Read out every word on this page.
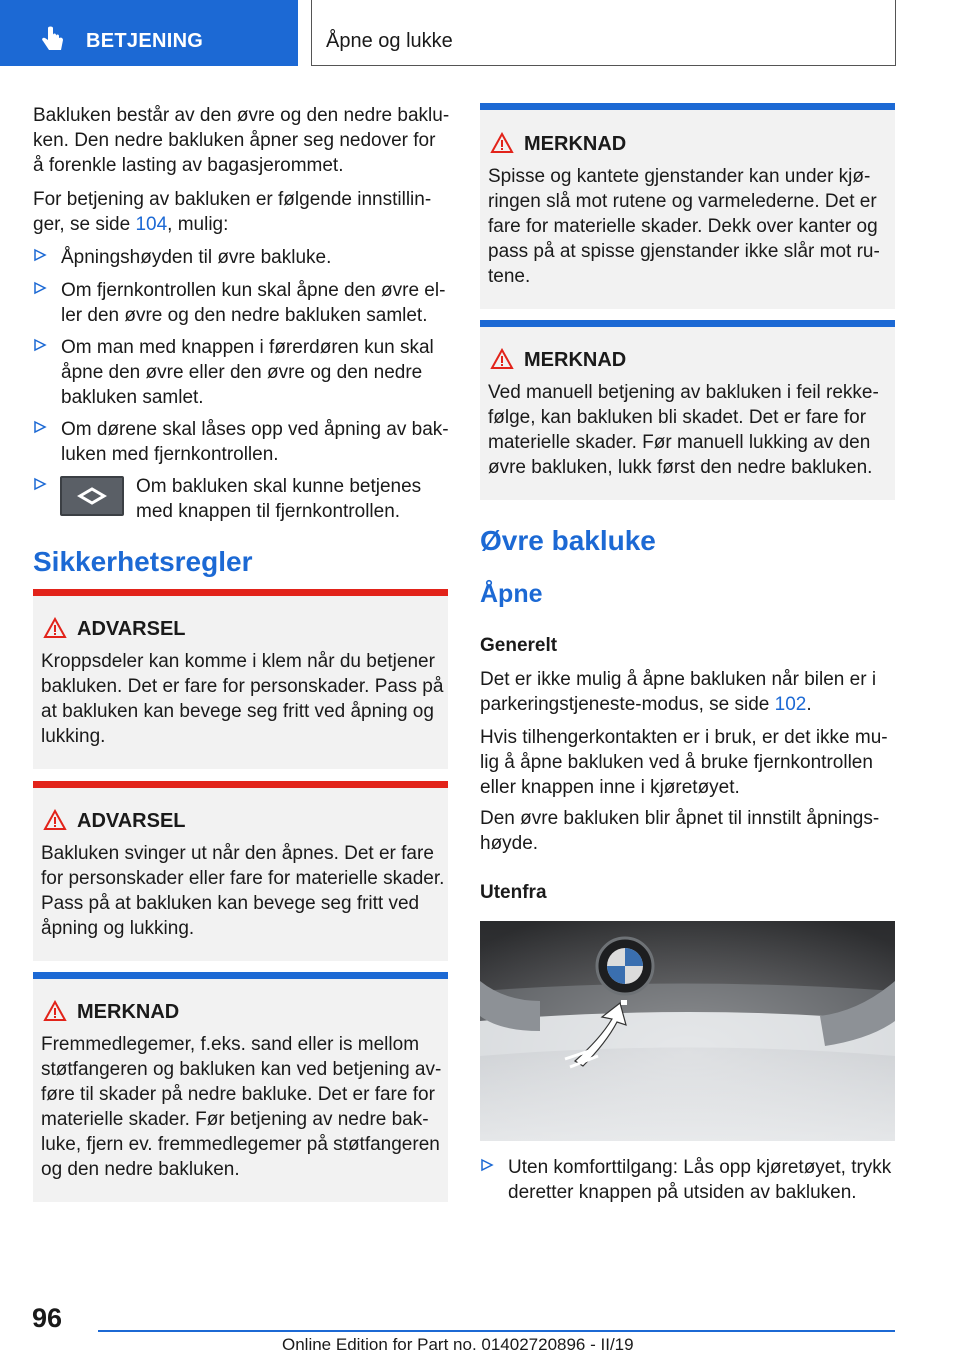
BETJENING	Åpne og lukke
Bakluken består av den øvre og den nedre baklu-
ken. Den nedre bakluken åpner seg nedover for
å forenkle lasting av bagasjerommet.
For betjening av bakluken er følgende innstillin-
ger, se side 104, mulig:
Åpningshøyden til øvre bakluke.
Om fjernkontrollen kun skal åpne den øvre el-
ler den øvre og den nedre bakluken samlet.
Om man med knappen i førerdøren kun skal
åpne den øvre eller den øvre og den nedre
bakluken samlet.
Om dørene skal låses opp ved åpning av bak-
luken med fjernkontrollen.
Om bakluken skal kunne betjenes
med knappen til fjernkontrollen.
Sikkerhetsregler
ADVARSEL
Kroppsdeler kan komme i klem når du betjener
bakluken. Det er fare for personskader. Pass på
at bakluken kan bevege seg fritt ved åpning og
lukking.
ADVARSEL
Bakluken svinger ut når den åpnes. Det er fare
for personskader eller fare for materielle skader.
Pass på at bakluken kan bevege seg fritt ved
åpning og lukking.
MERKNAD
Fremmedlegemer, f.eks. sand eller is mellom
støtfangeren og bakluken kan ved betjening av-
føre til skader på nedre bakluke. Det er fare for
materielle skader. Før betjening av nedre bak-
luke, fjern ev. fremmedlegemer på støtfangeren
og den nedre bakluken.
MERKNAD
Spisse og kantete gjenstander kan under kjø-
ringen slå mot rutene og varmelederne. Det er
fare for materielle skader. Dekk over kanter og
pass på at spisse gjenstander ikke slår mot ru-
tene.
MERKNAD
Ved manuell betjening av bakluken i feil rekke-
følge, kan bakluken bli skadet. Det er fare for
materielle skader. Før manuell lukking av den
øvre bakluken, lukk først den nedre bakluken.
Øvre bakluke
Åpne
Generelt
Det er ikke mulig å åpne bakluken når bilen er i
parkeringstjeneste-modus, se side 102.
Hvis tilhengerkontakten er i bruk, er det ikke mu-
lig å åpne bakluken ved å bruke fjernkontrollen
eller knappen inne i kjøretøyet.
Den øvre bakluken blir åpnet til innstilt åpnings-
høyde.
Utenfra
Uten komforttilgang: Lås opp kjøretøyet, trykk
deretter knappen på utsiden av bakluken.
96
Online Edition for Part no. 01402720896 - II/19
